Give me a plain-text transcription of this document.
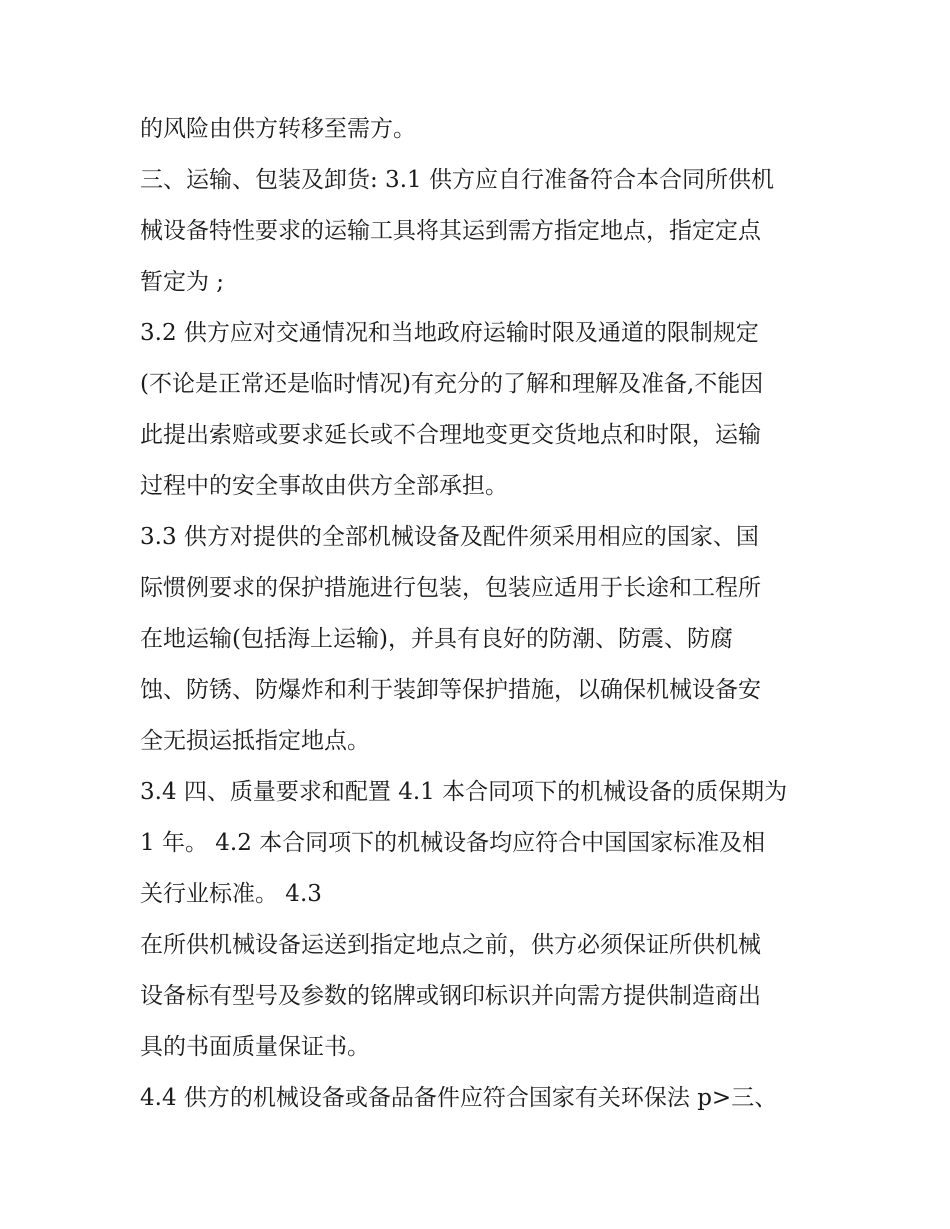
的风险由供方转移至需方。
三、运输、包装及卸货: 3.1 供方应自行准备符合本合同所供机
械设备特性要求的运输工具将其运到需方指定地点，指定定点
暂定为 ;
3.2 供方应对交通情况和当地政府运输时限及通道的限制规定
(不论是正常还是临时情况)有充分的了解和理解及准备,不能因
此提出索赔或要求延长或不合理地变更交货地点和时限，运输
过程中的安全事故由供方全部承担。
3.3 供方对提供的全部机械设备及配件须采用相应的国家、国
际惯例要求的保护措施进行包装，包装应适用于长途和工程所
在地运输(包括海上运输)，并具有良好的防潮、防震、防腐
蚀、防锈、防爆炸和利于装卸等保护措施，以确保机械设备安
全无损运抵指定地点。
3.4 四、质量要求和配置 4.1 本合同项下的机械设备的质保期为
1 年。 4.2 本合同项下的机械设备均应符合中国国家标准及相
关行业标准。 4.3
在所供机械设备运送到指定地点之前，供方必须保证所供机械
设备标有型号及参数的铭牌或钢印标识并向需方提供制造商出
具的书面质量保证书。
4.4 供方的机械设备或备品备件应符合国家有关环保法 p>三、
